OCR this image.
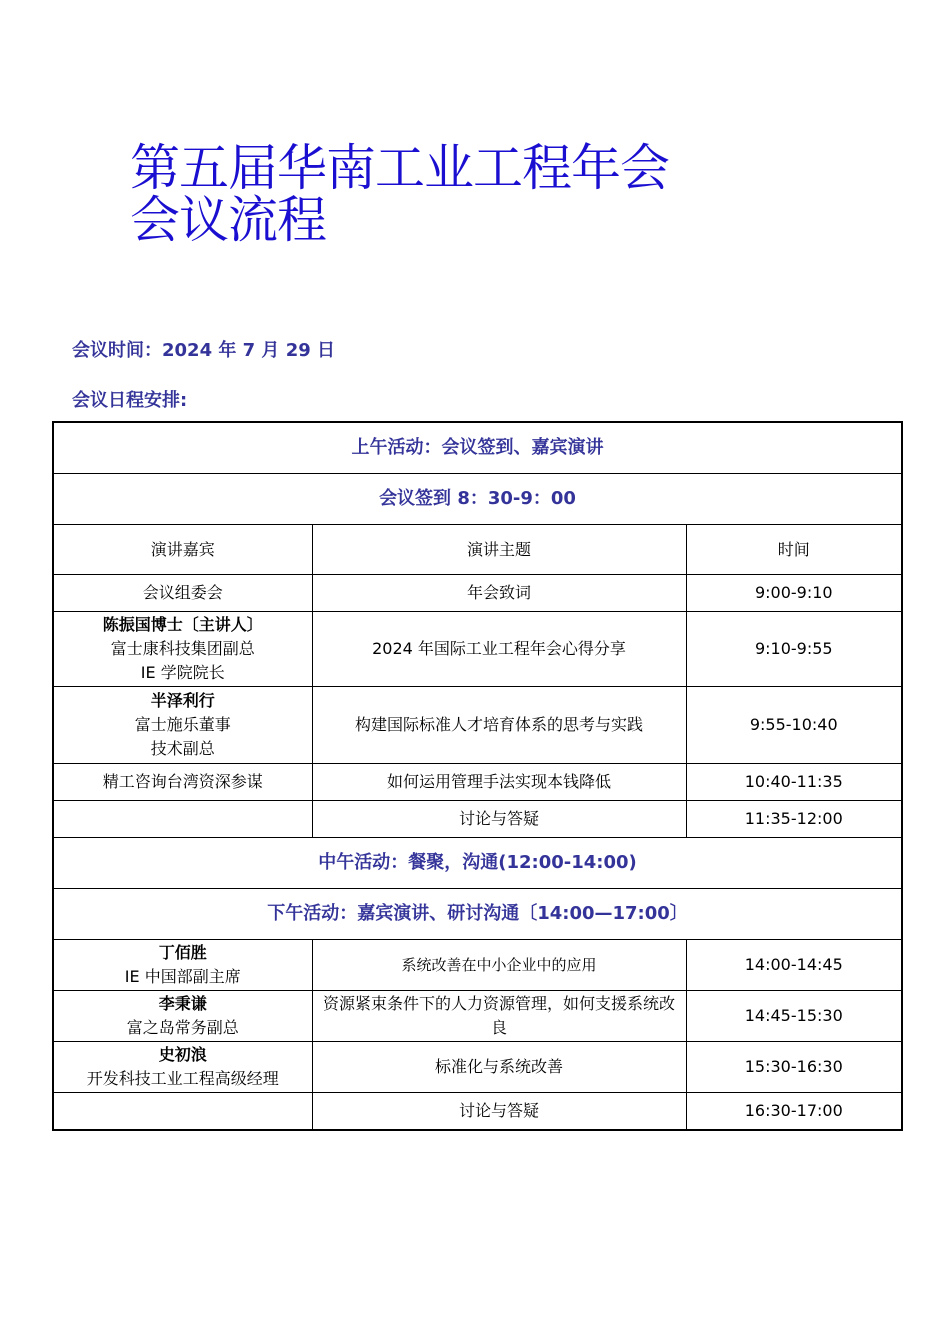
第五届华南工业工程年会
会议流程

会议时间：2024 年 7 月 29 日

会议日程安排:

上午活动：会议签到、嘉宾演讲		
会议签到 8：30-9：00		
演讲嘉宾	演讲主题	时间
会议组委会	年会致词	9:00-9:10

陈振国博士〔主讲人〕
富士康科技集团副总
IE 学院院长	2024 年国际工业工程年会心得分享	9:10-9:55

半泽利行
富士施乐董事
技术副总	构建国际标准人才培育体系的思考与实践	9:55-10:40
精工咨询台湾资深参谋	如何运用管理手法实现本钱降低	10:40-11:35
	讨论与答疑	11:35-12:00
中午活动：餐聚，沟通(12:00-14:00)		
下午活动：嘉宾演讲、研讨沟通〔14:00—17:00〕		

丁佰胜
IE 中国部副主席	系统改善在中小企业中的应用	14:00-14:45

李秉谦
富之岛常务副总	资源紧束条件下的人力资源管理，如何支援系统改良	14:45-15:30

史初浪
开发科技工业工程高级经理	标准化与系统改善	15:30-16:30
	讨论与答疑	16:30-17:00
